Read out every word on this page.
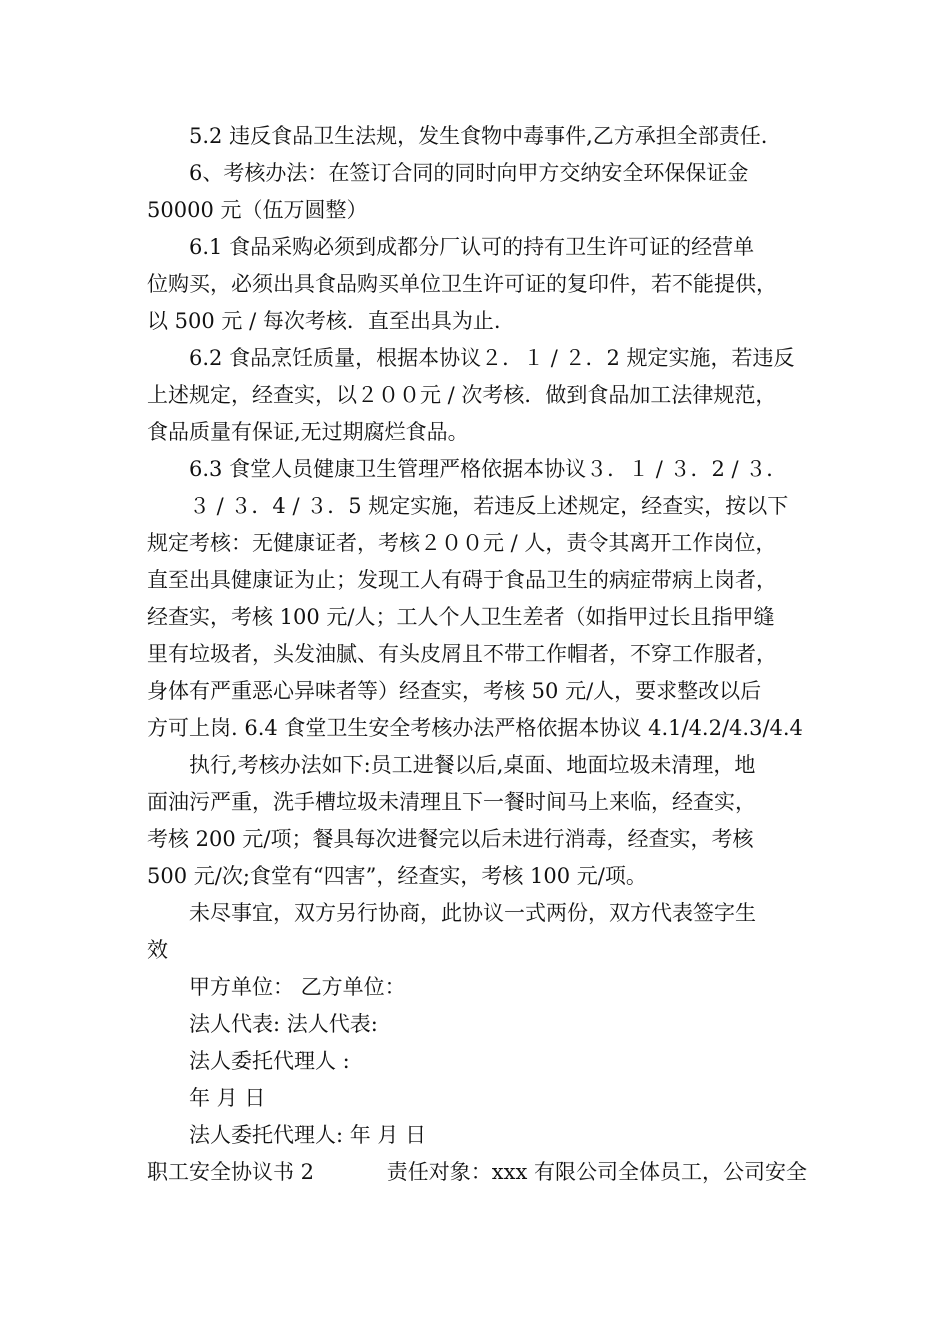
5.2 违反食品卫生法规，发生食物中毒事件,乙方承担全部责任.
6、考核办法：在签订合同的同时向甲方交纳安全环保保证金
50000 元（伍万圆整）
6.1 食品采购必须到成都分厂认可的持有卫生许可证的经营单
位购买，必须出具食品购买单位卫生许可证的复印件，若不能提供，
以 500 元 / 每次考核．直至出具为止.
6.2 食品烹饪质量，根据本协议２．１ / ２．2 规定实施，若违反
上述规定，经查实，以２００元 / 次考核．做到食品加工法律规范，
食品质量有保证,无过期腐烂食品。
6.3 食堂人员健康卫生管理严格依据本协议３．１ / ３．2 / ３．
３ / ３．4 / ３．5 规定实施，若违反上述规定，经查实，按以下
规定考核：无健康证者，考核２００元 / 人，责令其离开工作岗位，
直至出具健康证为止；发现工人有碍于食品卫生的病症带病上岗者，
经查实，考核 100 元/人；工人个人卫生差者（如指甲过长且指甲缝
里有垃圾者，头发油腻、有头皮屑且不带工作帽者，不穿工作服者，
身体有严重恶心异味者等）经查实，考核 50 元/人，要求整改以后
方可上岗. 6.4 食堂卫生安全考核办法严格依据本协议 4.1/4.2/4.3/4.4
执行,考核办法如下:员工进餐以后,桌面、地面垃圾未清理，地
面油污严重，洗手槽垃圾未清理且下一餐时间马上来临，经查实，
考核 200 元/项；餐具每次进餐完以后未进行消毒，经查实，考核
500 元/次;食堂有“四害”，经查实，考核 100 元/项。
未尽事宜，双方另行协商，此协议一式两份，双方代表签字生
效
甲方单位： 乙方单位：
法人代表: 法人代表:
法人委托代理人 :
年 月 日
法人委托代理人: 年 月 日
职工安全协议书 2	责任对象：xxx 有限公司全体员工，公司安全
